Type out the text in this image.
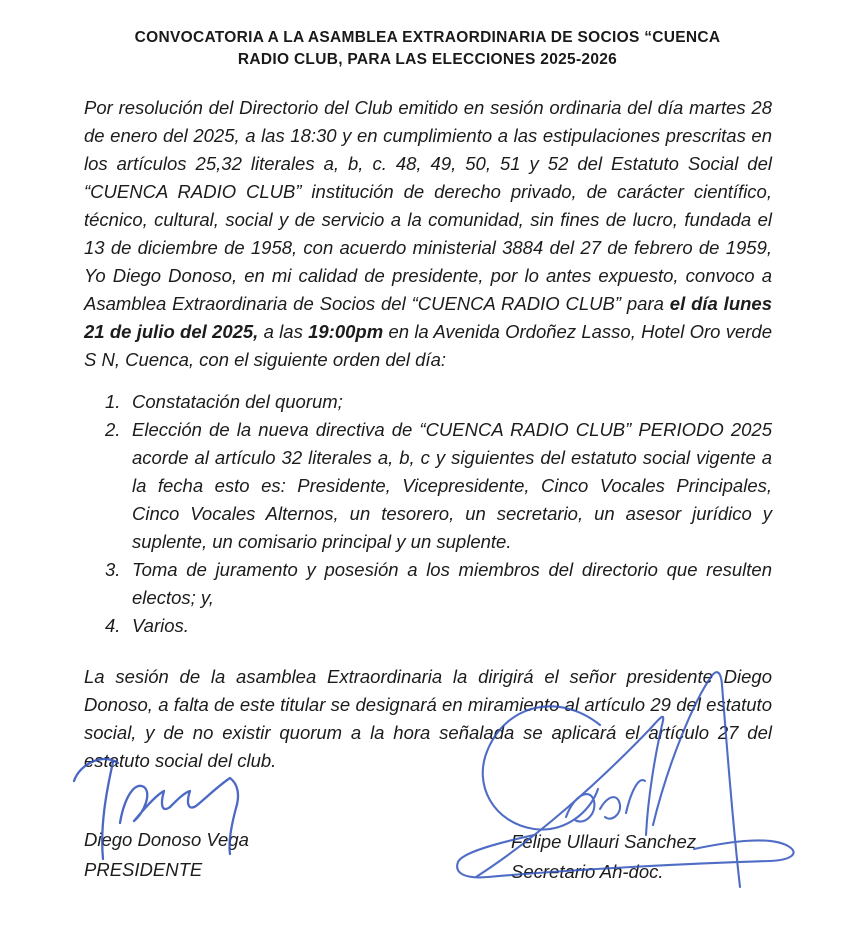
CONVOCATORIA A LA ASAMBLEA EXTRAORDINARIA DE SOCIOS “CUENCA
RADIO CLUB, PARA LAS ELECCIONES 2025-2026

Por resolución del Directorio del Club emitido en sesión ordinaria del día martes 28 de enero del 2025, a las 18:30 y en cumplimiento a las estipulaciones prescritas en los artículos 25,32 literales a, b, c. 48, 49, 50, 51 y 52 del Estatuto Social del “CUENCA RADIO CLUB” institución de derecho privado, de carácter científico, técnico, cultural, social y de servicio a la comunidad, sin fines de lucro, fundada el 13 de diciembre de 1958, con acuerdo ministerial 3884 del 27 de febrero de 1959, Yo Diego Donoso, en mi calidad de presidente, por lo antes expuesto, convoco a Asamblea Extraordinaria de Socios del “CUENCA RADIO CLUB” para el día lunes 21 de julio del 2025, a las 19:00pm en la Avenida Ordoñez Lasso, Hotel Oro verde S N, Cuenca, con el siguiente orden del día:

1. Constatación del quorum;
2. Elección de la nueva directiva de “CUENCA RADIO CLUB” PERIODO 2025 acorde al artículo 32 literales a, b, c y siguientes del estatuto social vigente a la fecha esto es: Presidente, Vicepresidente, Cinco Vocales Principales, Cinco Vocales Alternos, un tesorero, un secretario, un asesor jurídico y suplente, un comisario principal y un suplente.
3. Toma de juramento y posesión a los miembros del directorio que resulten electos; y,
4. Varios.

La sesión de la asamblea Extraordinaria la dirigirá el señor presidente Diego Donoso, a falta de este titular se designará en miramiento al artículo 29 del estatuto social, y de no existir quorum a la hora señalada se aplicará el artículo 27 del estatuto social del club.

Diego Donoso Vega
PRESIDENTE
Felipe Ullauri Sanchez
Secretario Ah-doc.
